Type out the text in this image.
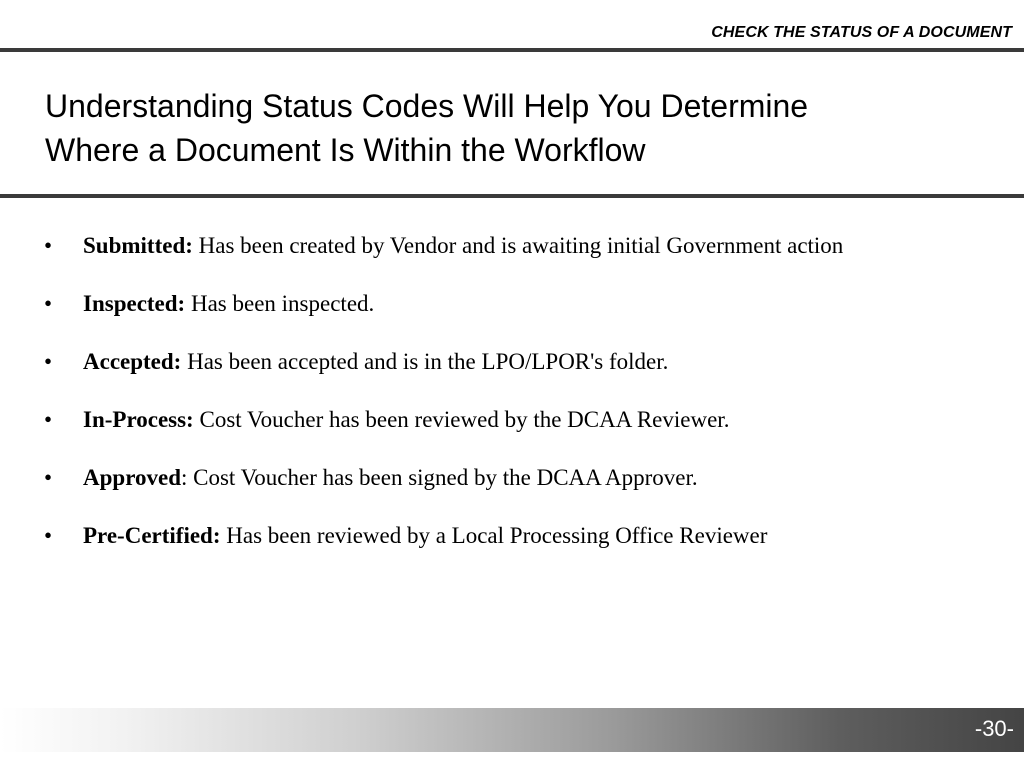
CHECK THE STATUS OF A DOCUMENT
Understanding Status Codes Will Help You Determine
Where a Document Is Within the Workflow
• Submitted: Has been created by Vendor and is awaiting initial Government action
• Inspected: Has been inspected.
• Accepted: Has been accepted and is in the LPO/LPOR's folder.
• In-Process: Cost Voucher has been reviewed by the DCAA Reviewer.
• Approved: Cost Voucher has been signed by the DCAA Approver.
• Pre-Certified: Has been reviewed by a Local Processing Office Reviewer
-30-
